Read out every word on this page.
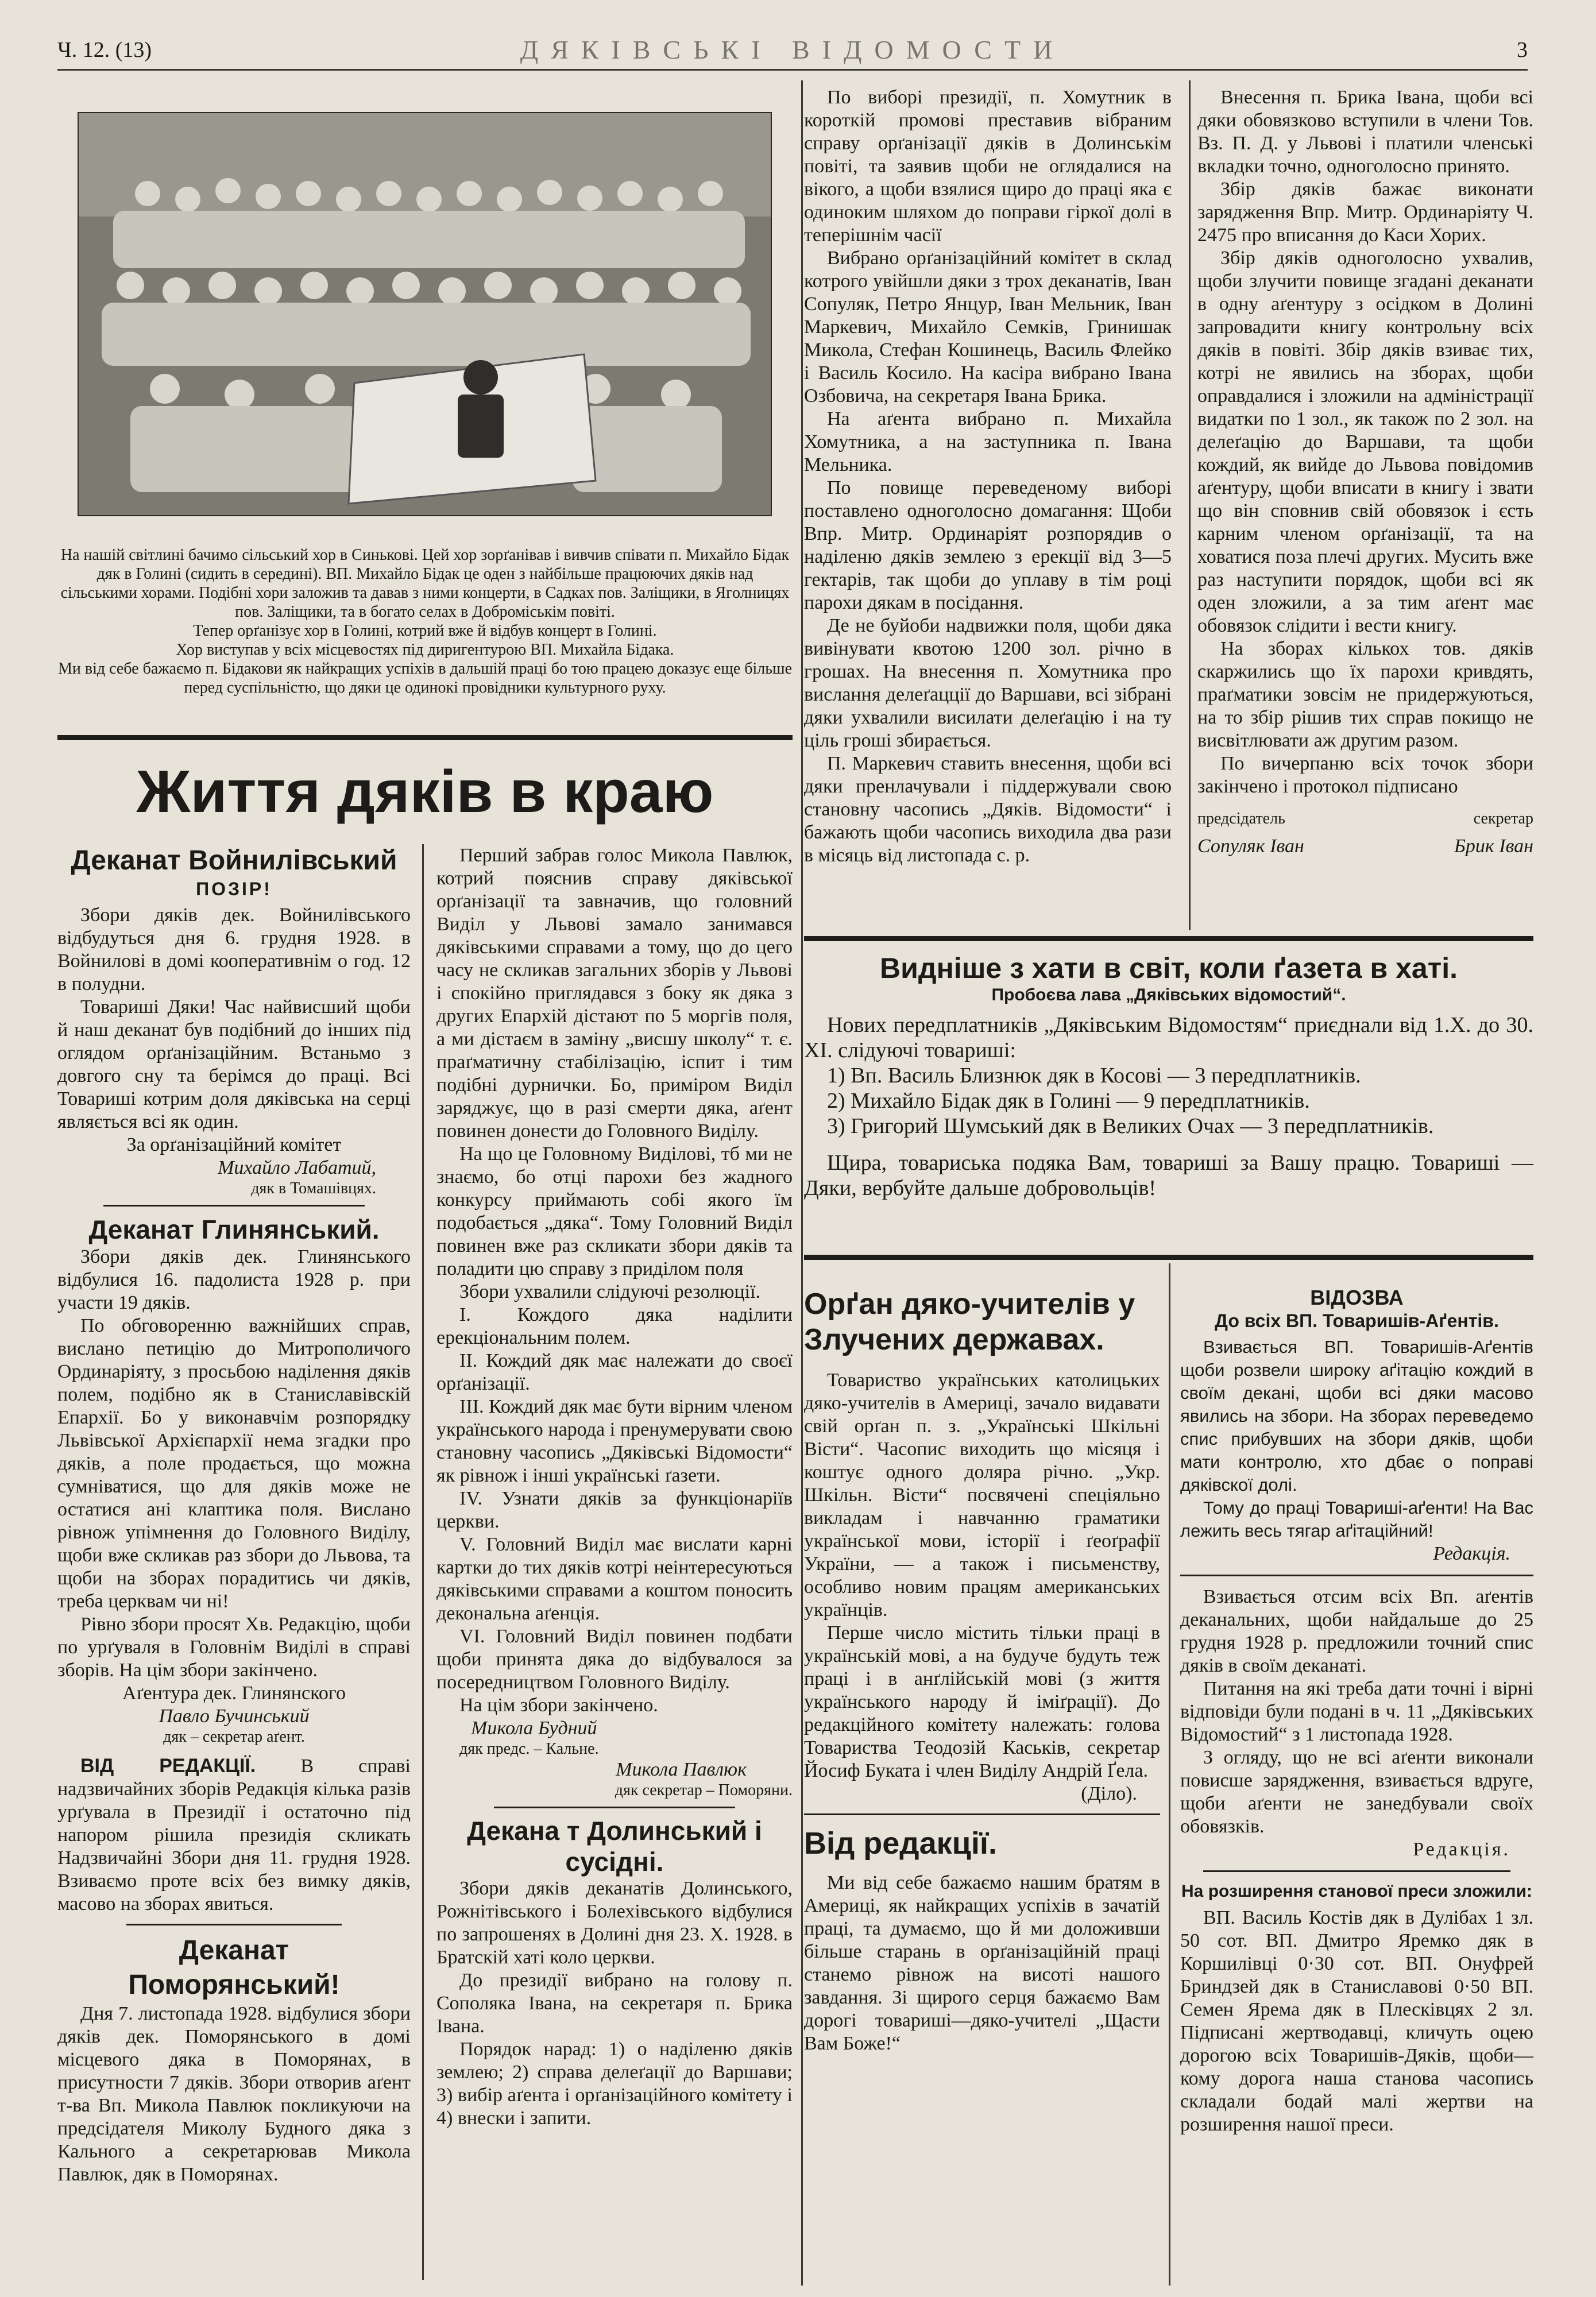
Ч. 12. (13)	ДЯКІВСЬКІ ВІДОМОСТИ	3

На нашій світлині бачимо сільський хор в Синькові. Цей хор зорґанівав і вивчив співати п. Михайло Бідак дяк в Голині (сидить в середині). ВП. Михайло Бідак це оден з найбільше працюючих дяків над сільськими хорами. Подібні хори заложив та давав з ними концерти, в Садках пов. Заліщики, в Яголницях пов. Заліщики, та в богато селах в Доброміськім повіті.

Тепер орґанізує хор в Голині, котрий вже й відбув концерт в Голині.

Хор виступав у всіх місцевостях під диригентурою ВП. Михайла Бідака.

Ми від себе бажаємо п. Бідакови як найкращих успіхів в дальшій праці бо тою працею доказує еще більше перед суспільністю, що дяки це одинокі провідники культурного руху.

Життя дяків в краю
Деканат Войнилівський
ПОЗІР!

Збори дяків дек. Войнилівського відбудуться дня 6. грудня 1928. в Войнилові в домі кооперативнім о год. 12 в полудни.

Товариші Дяки! Час найвисший щоби й наш деканат був подібний до інших під оглядом орґанізаційним. Встаньмо з довгого сну та берімся до праці. Всі Товариші котрим доля дяківська на серці являється всі як один.

За орґанізаційний комітет
Михайло Лабатий,
дяк в Томашівцях.
Деканат Глинянський.

Збори дяків дек. Глинянського відбулися 16. падолиста 1928 р. при участи 19 дяків.

По обговоренню важнійших справ, вислано петицію до Митрополичого Ординаріяту, з просьбою наділення дяків полем, подібно як в Станиславівскій Епархії. Бо у виконавчім розпорядку Львівської Архієпархії нема згадки про дяків, а поле продається, що можна сумніватися, що для дяків може не остатися ані клаптика поля. Вислано рівнож упімнення до Головного Виділу, щоби вже скликав раз збори до Львова, та щоби на зборах порадитись чи дяків, треба церквам чи ні!

Рівно збори просят Хв. Редакцію, щоби по урґуваля в Головнім Виділі в справі зборів. На цім збори закінчено.

Аґентура дек. Глинянского
Павло Бучинський
дяк – секретар аґент.

ВІД РЕДАКЦІЇ. В справі надзвичайних зборів Редакція кілька разів урґувала в Президії і остаточно під напором рішила президія скликать Надзвичайні Збори дня 11. грудня 1928. Взиваємо проте всіх без вимку дяків, масово на зборах явиться.

Деканат Поморянський!

Дня 7. листопада 1928. відбулися збори дяків дек. Поморянського в домі місцевого дяка в Поморянах, в присутности 7 дяків. Збори отворив аґент т-ва Вп. Микола Павлюк покликуючи на предсідателя Миколу Будного дяка з Кального а секретарював Микола Павлюк, дяк в Поморянах.

Перший забрав голос Микола Павлюк, котрий пояснив справу дяківської орґанізації та завначив, що головний Виділ у Львові замало занимався дяківськими справами а тому, що до цего часу не скликав загальних зборів у Львові і спокійно приглядався з боку як дяка з других Епархій дістают по 5 моргів поля, а ми дістаєм в заміну „висшу школу“ т. є. праґматичну стабілізацію, іспит і тим подібні дурнички. Бо, приміром Виділ заряджує, що в разі смерти дяка, аґент повинен донести до Головного Виділу.

На що це Головному Виділові, тб ми не знаємо, бо отці парохи без жадного конкурсу приймають собі якого їм подобається „дяка“. Тому Головний Виділ повинен вже раз скликати збори дяків та поладити цю справу з приділом поля

Збори ухвалили слідуючі резолюції.

I. Кождого дяка наділити ерекціональним полем.

II. Кождий дяк має належати до своєї орґанізації.

III. Кождий дяк має бути вірним членом українського народа і пренумерувати свою становну часопись „Дяківські Відомости“ як рівнож і інші українські ґазети.

IV. Узнати дяків за функціонаріїв церкви.

V. Головний Виділ має вислати карні картки до тих дяків котрі неінтересуються дяківськими справами а коштом поносить декональна аґенція.

VI. Головний Виділ повинен подбати щоби принята дяка до відбувалося за посередництвом Головного Виділу.

На цім збори закінчено.

Микола Будний
дяк предс. – Кальне.
Микола Павлюк
дяк секретар – Поморяни.
Декана т Долинський і сусідні.

Збори дяків деканатів Долинського, Рожнітівського і Болехівського відбулися по запрошенях в Долині дня 23. Х. 1928. в Братскій хаті коло церкви.

До президії вибрано на голову п. Сополяка Івана, на секретаря п. Брика Івана.

Порядок нарад: 1) о наділеню дяків землею; 2) справа делеґації до Варшави; 3) вибір аґента і орґанізаційного комітету і 4) внески і запити.

По виборі президії, п. Хомутник в короткій промові преставив вібраним справу орґанізації дяків в Долинськім повіті, та заявив щоби не оглядалися на вікого, а щоби взялися щиро до праці яка є одиноким шляхом до поправи гіркої долі в теперішнім часії

Вибрано орґанізаційний комітет в склад котрого увійшли дяки з трох деканатів, Іван Сопуляк, Петро Янцур, Іван Мельник, Іван Маркевич, Михайло Семків, Гринишак Микола, Стефан Кошинець, Василь Флейко і Василь Косило. На касіра вибрано Івана Озбовича, на секретаря Івана Брика.

На аґента вибрано п. Михайла Хомутника, а на заступника п. Івана Мельника.

По повище переведеному виборі поставлено одноголосно домагання: Щоби Впр. Митр. Ординаріят розпорядив о наділеню дяків землею з ерекції від 3—5 гектарів, так щоби до уплаву в тім році парохи дякам в посідання.

Де не буйоби надвижки поля, щоби дяка вивінувати квотою 1200 зол. річно в грошах. На внесення п. Хомутника про вислання делеґацції до Варшави, всі зібрані дяки ухвалили висилати делеґацію і на ту ціль гроші збирається.

П. Маркевич ставить внесення, щоби всі дяки пренлачували і піддержували свою становну часопись „Дяків. Відомости“ і бажають щоби часопись виходила два рази в місяць від листопада с. р.

Внесення п. Брика Івана, щоби всі дяки обовязково вступили в члени Тов. Вз. П. Д. у Львові і платили членські вкладки точно, одноголосно принято.

Збір дяків бажає виконати зарядження Впр. Митр. Ординаріяту Ч. 2475 про вписання до Каси Хорих.

Збір дяків одноголосно ухвалив, щоби злучити повище згадані деканати в одну аґентуру з осідком в Долині запровадити книгу контрольну всіх дяків в повіті. Збір дяків взиває тих, котрі не явились на зборах, щоби оправдалися і зложили на адміністрації видатки по 1 зол., як також по 2 зол. на делеґацію до Варшави, та щоби кождий, як вийде до Львова повідомив аґентуру, щоби вписати в книгу і звати що він сповнив свій обовязок і єсть карним членом орґанізації, та на ховатися поза плечі других. Мусить вже раз наступити порядок, щоби всі як оден зложили, а за тим аґент має обовязок слідити і вести книгу.

На зборах кількох тов. дяків скаржились що їх парохи кривдять, праґматики зовсім не придержуються, на то збір рішив тих справ покищо не висвітлювати аж другим разом.

По вичерпаню всіх точок збори закінчено і протокол підписано

предсідатель	секретар
Сопуляк Іван	Брик Іван
Видніше з хати в світ, коли ґазета в хаті.
Пробоєва лава „Дяківських відомостий“.

Нових передплатників „Дяківським Відомостям“ приєднали від 1.Х. до 30. ХІ. слідуючі товариші:

1) Вп. Василь Близнюк дяк в Косові — 3 передплатників.

2) Михайло Бідак дяк в Голині — 9 передплатників.

3) Григорий Шумський дяк в Великих Очах — 3 передплатників.

Щира, товариська подяка Вам, товариші за Вашу працю. Товариші — Дяки, вербуйте дальше добровольців!

Орґан дяко-учителів у Злучених державах.

Товариство українських католицьких дяко-учителів в Америці, зачало видавати свій орґан п. з. „Українські Шкільні Вісти“. Часопис виходить що місяця і коштує одного долярa річно. „Укр. Шкільн. Вісти“ посвячені спеціяльно викладам і навчанню граматики української мови, історії і ґеоґрафії України, — а також і письменству, особливо новим працям американських українців.

Перше число містить тільки праці в українській мові, а на будуче будуть теж праці і в анґлійській мові (з життя українського народу й іміґрації). До редакційного комітету належать: голова Товариства Теодозій Каськів, секретар Йосиф Буката і член Виділу Андрій Ґела.

(Діло).
Від редакції.

Ми від себе бажаємо нашим братям в Америці, як найкращих успіхів в зачатій праці, та думаємо, що й ми доложивши більше старань в орґанізаційній праці станемо рівнож на висоті нашого завдання. Зі щирого серця бажаємо Вам дорогі товариші—дяко-учителі „Щасти Вам Боже!“

ВІДОЗВА
До всіх ВП. Товаришів-Аґентів.

Взивається ВП. Товаришів-Аґентів щоби розвели широку аґітацію кождий в своїм декані, щоби всі дяки масово явились на збори. На зборах переведемо спис прибувших на збори дяків, щоби мати контролю, хто дбає о поправі дяківскої долі.

Тому до праці Товариші-аґенти! На Вас лежить весь тягар аґітаційний!

Редакція.

Взивається отсим всіх Вп. аґентів деканальних, щоби найдальше до 25 грудня 1928 р. предложили точний спис дяків в своїм деканаті.

Питання на які треба дати точні і вірні відповіди були подані в ч. 11 „Дяківських Відомостий“ з 1 листопада 1928.

З огляду, що не всі аґенти виконали повисше зарядження, взивається вдруге, щоби аґенти не занедбували своїх обовязків.

Редакція.
На розширення становoї преси зложили:

ВП. Василь Костів дяк в Дулібах 1 зл. 50 сот. ВП. Дмитро Яремко дяк в Коршилівці 0·30 сот. ВП. Онуфрей Бриндзей дяк в Станиславові 0·50 ВП. Семен Ярема дяк в Плесківцях 2 зл. Підписані жертводавці, кличуть оцею дорогою всіх Товаришів-Дяків, щоби—кому дорога наша станова часопись складали бодай малі жертви на розширення нашої преси.
